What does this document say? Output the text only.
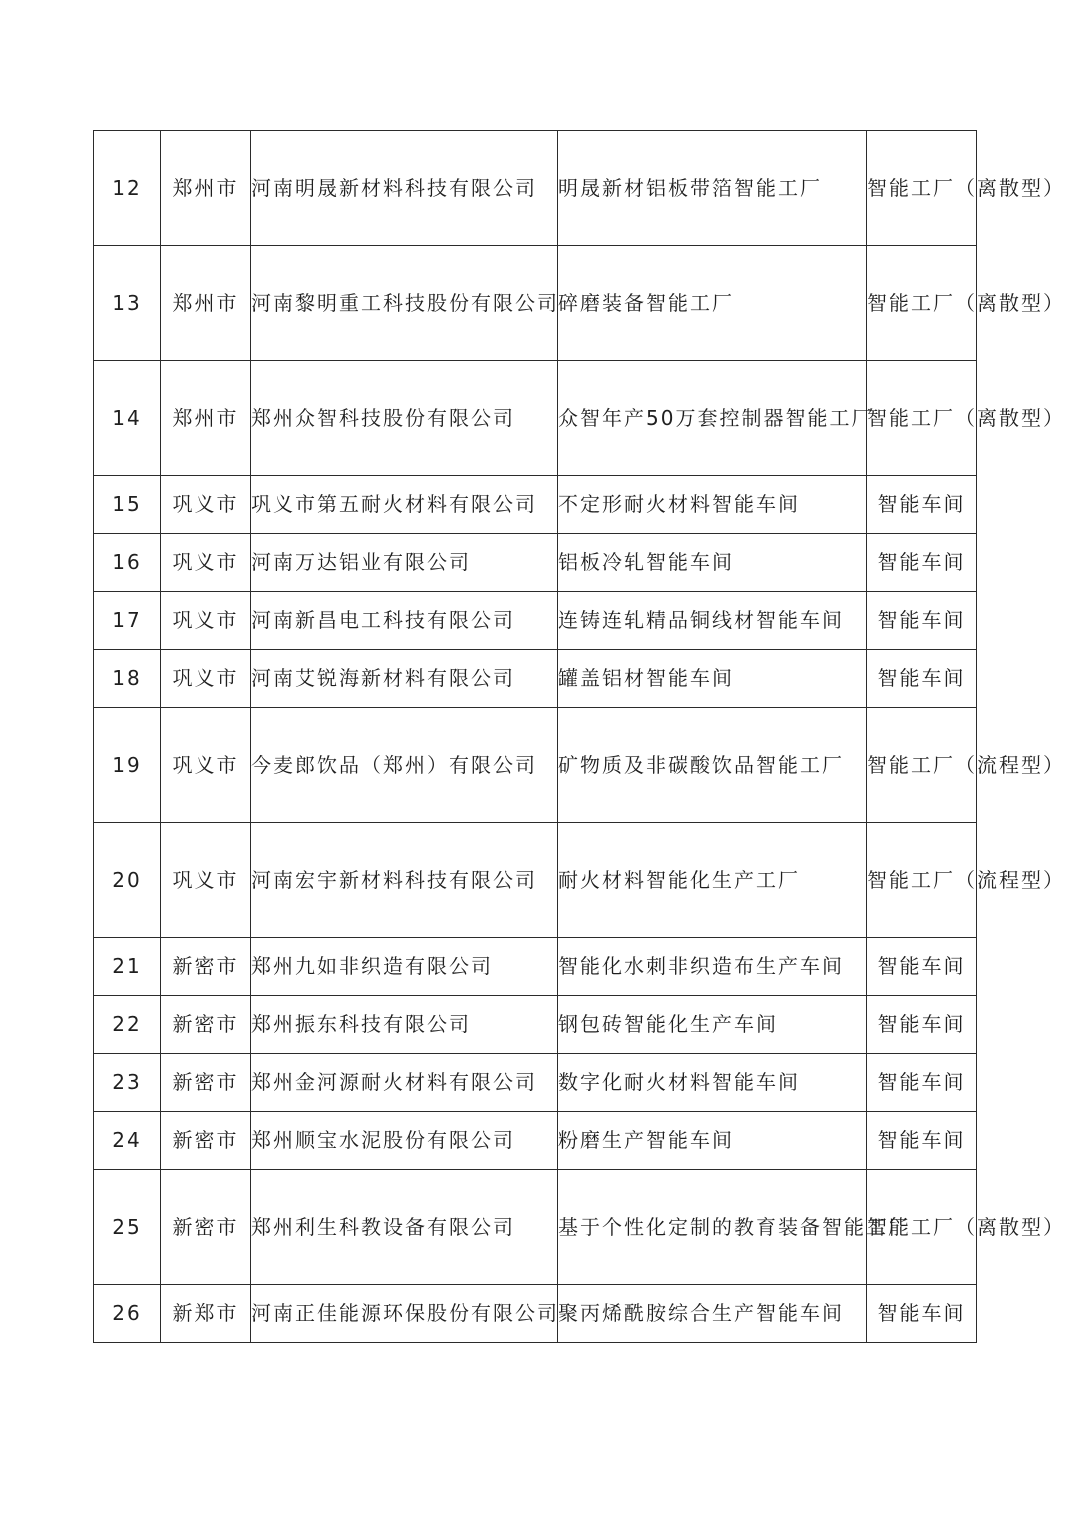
12	郑州市	河南明晟新材料科技有限公司	明晟新材铝板带箔智能工厂	智能工厂（离散型）
13	郑州市	河南黎明重工科技股份有限公司	碎磨装备智能工厂	智能工厂（离散型）
14	郑州市	郑州众智科技股份有限公司	众智年产50万套控制器智能工厂	智能工厂（离散型）
15	巩义市	巩义市第五耐火材料有限公司	不定形耐火材料智能车间	智能车间
16	巩义市	河南万达铝业有限公司	铝板冷轧智能车间	智能车间
17	巩义市	河南新昌电工科技有限公司	连铸连轧精品铜线材智能车间	智能车间
18	巩义市	河南艾锐海新材料有限公司	罐盖铝材智能车间	智能车间
19	巩义市	今麦郎饮品（郑州）有限公司	矿物质及非碳酸饮品智能工厂	智能工厂（流程型）
20	巩义市	河南宏宇新材料科技有限公司	耐火材料智能化生产工厂	智能工厂（流程型）
21	新密市	郑州九如非织造有限公司	智能化水刺非织造布生产车间	智能车间
22	新密市	郑州振东科技有限公司	钢包砖智能化生产车间	智能车间
23	新密市	郑州金河源耐火材料有限公司	数字化耐火材料智能车间	智能车间
24	新密市	郑州顺宝水泥股份有限公司	粉磨生产智能车间	智能车间
25	新密市	郑州利生科教设备有限公司	基于个性化定制的教育装备智能工厂	智能工厂（离散型）
26	新郑市	河南正佳能源环保股份有限公司	聚丙烯酰胺综合生产智能车间	智能车间
